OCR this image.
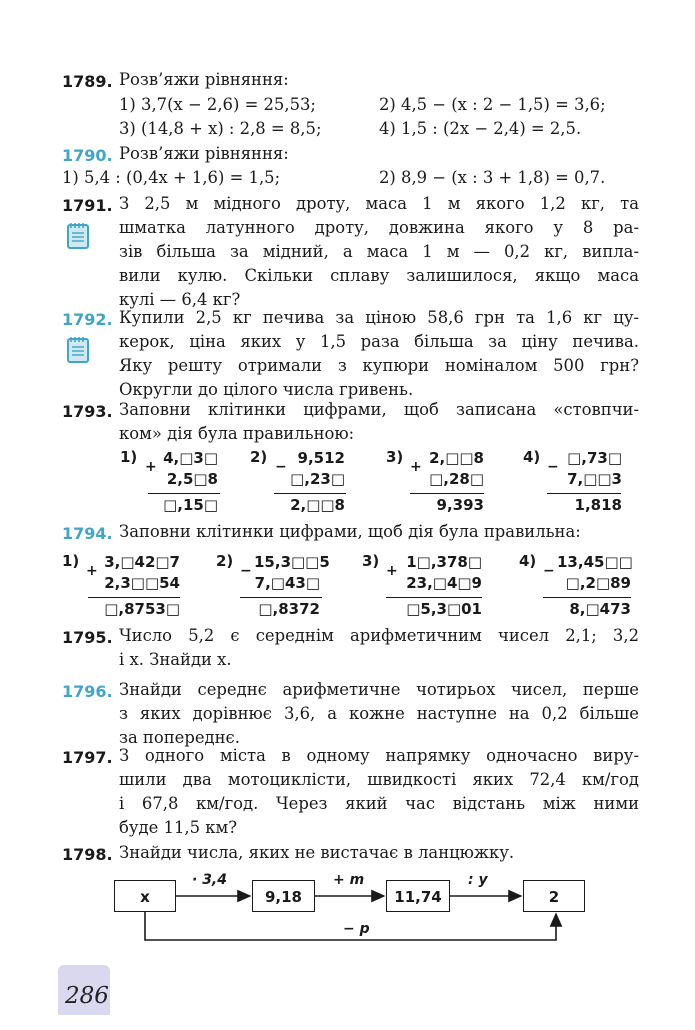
1789. Розв’яжи рівняння:
1) 3,7(x − 2,6) = 25,53;	2) 4,5 − (x : 2 − 1,5) = 3,6;
3) (14,8 + x) : 2,8 = 8,5;	4) 1,5 : (2x − 2,4) = 2,5.
1790. Розв’яжи рівняння:
1) 5,4 : (0,4x + 1,6) = 1,5;	2) 8,9 − (x : 3 + 1,8) = 0,7.
1791. З 2,5 м мідного дроту, маса 1 м якого 1,2 кг, та
шматка латунного дроту, довжина якого у 8 ра-
зів більша за мідний, а маса 1 м — 0,2 кг, випла-
вили кулю. Скільки сплаву залишилося, якщо маса
кулі — 6,4 кг?
1792. Купили 2,5 кг печива за ціною 58,6 грн та 1,6 кг цу-
керок, ціна яких у 1,5 раза більша за ціну печива.
Яку решту отримали з купюри номіналом 500 грн?
Округли до цілого числа гривень.
1793. Заповни клітинки цифрами, щоб записана «стовпчи-
ком» дія була правильною:
1)
+ 4,□3□
2,5□8
□,15□
2)
− 9,512
□,23□
2,□□8
3)
+ 2,□□8
□,28□
9,393
4)
− □,73□
7,□□3
1,818
1794. Заповни клітинки цифрами, щоб дія була правильна:
1)
+ 3,□42□7
2,3□□54
□,8753□
2)
− 15,3□□5
7,□43□
□,8372
3)
+ 1□,378□
23,□4□9
□5,3□01
4)
− 13,45□□
□,2□89
8,□473
1795. Число 5,2 є середнім арифметичним чисел 2,1; 3,2
і x. Знайди x.
1796. Знайди середнє арифметичне чотирьох чисел, перше
з яких дорівнює 3,6, а кожне наступне на 0,2 більше
за попереднє.
1797. З одного міста в одному напрямку одночасно виру-
шили два мотоциклісти, швидкості яких 72,4 км/год
і 67,8 км/год. Через який час відстань між ними
буде 11,5 км?
1798. Знайди числа, яких не вистачає в ланцюжку.
x	9,18	11,74	2
· 3,4	+ m	: y
− p
286
